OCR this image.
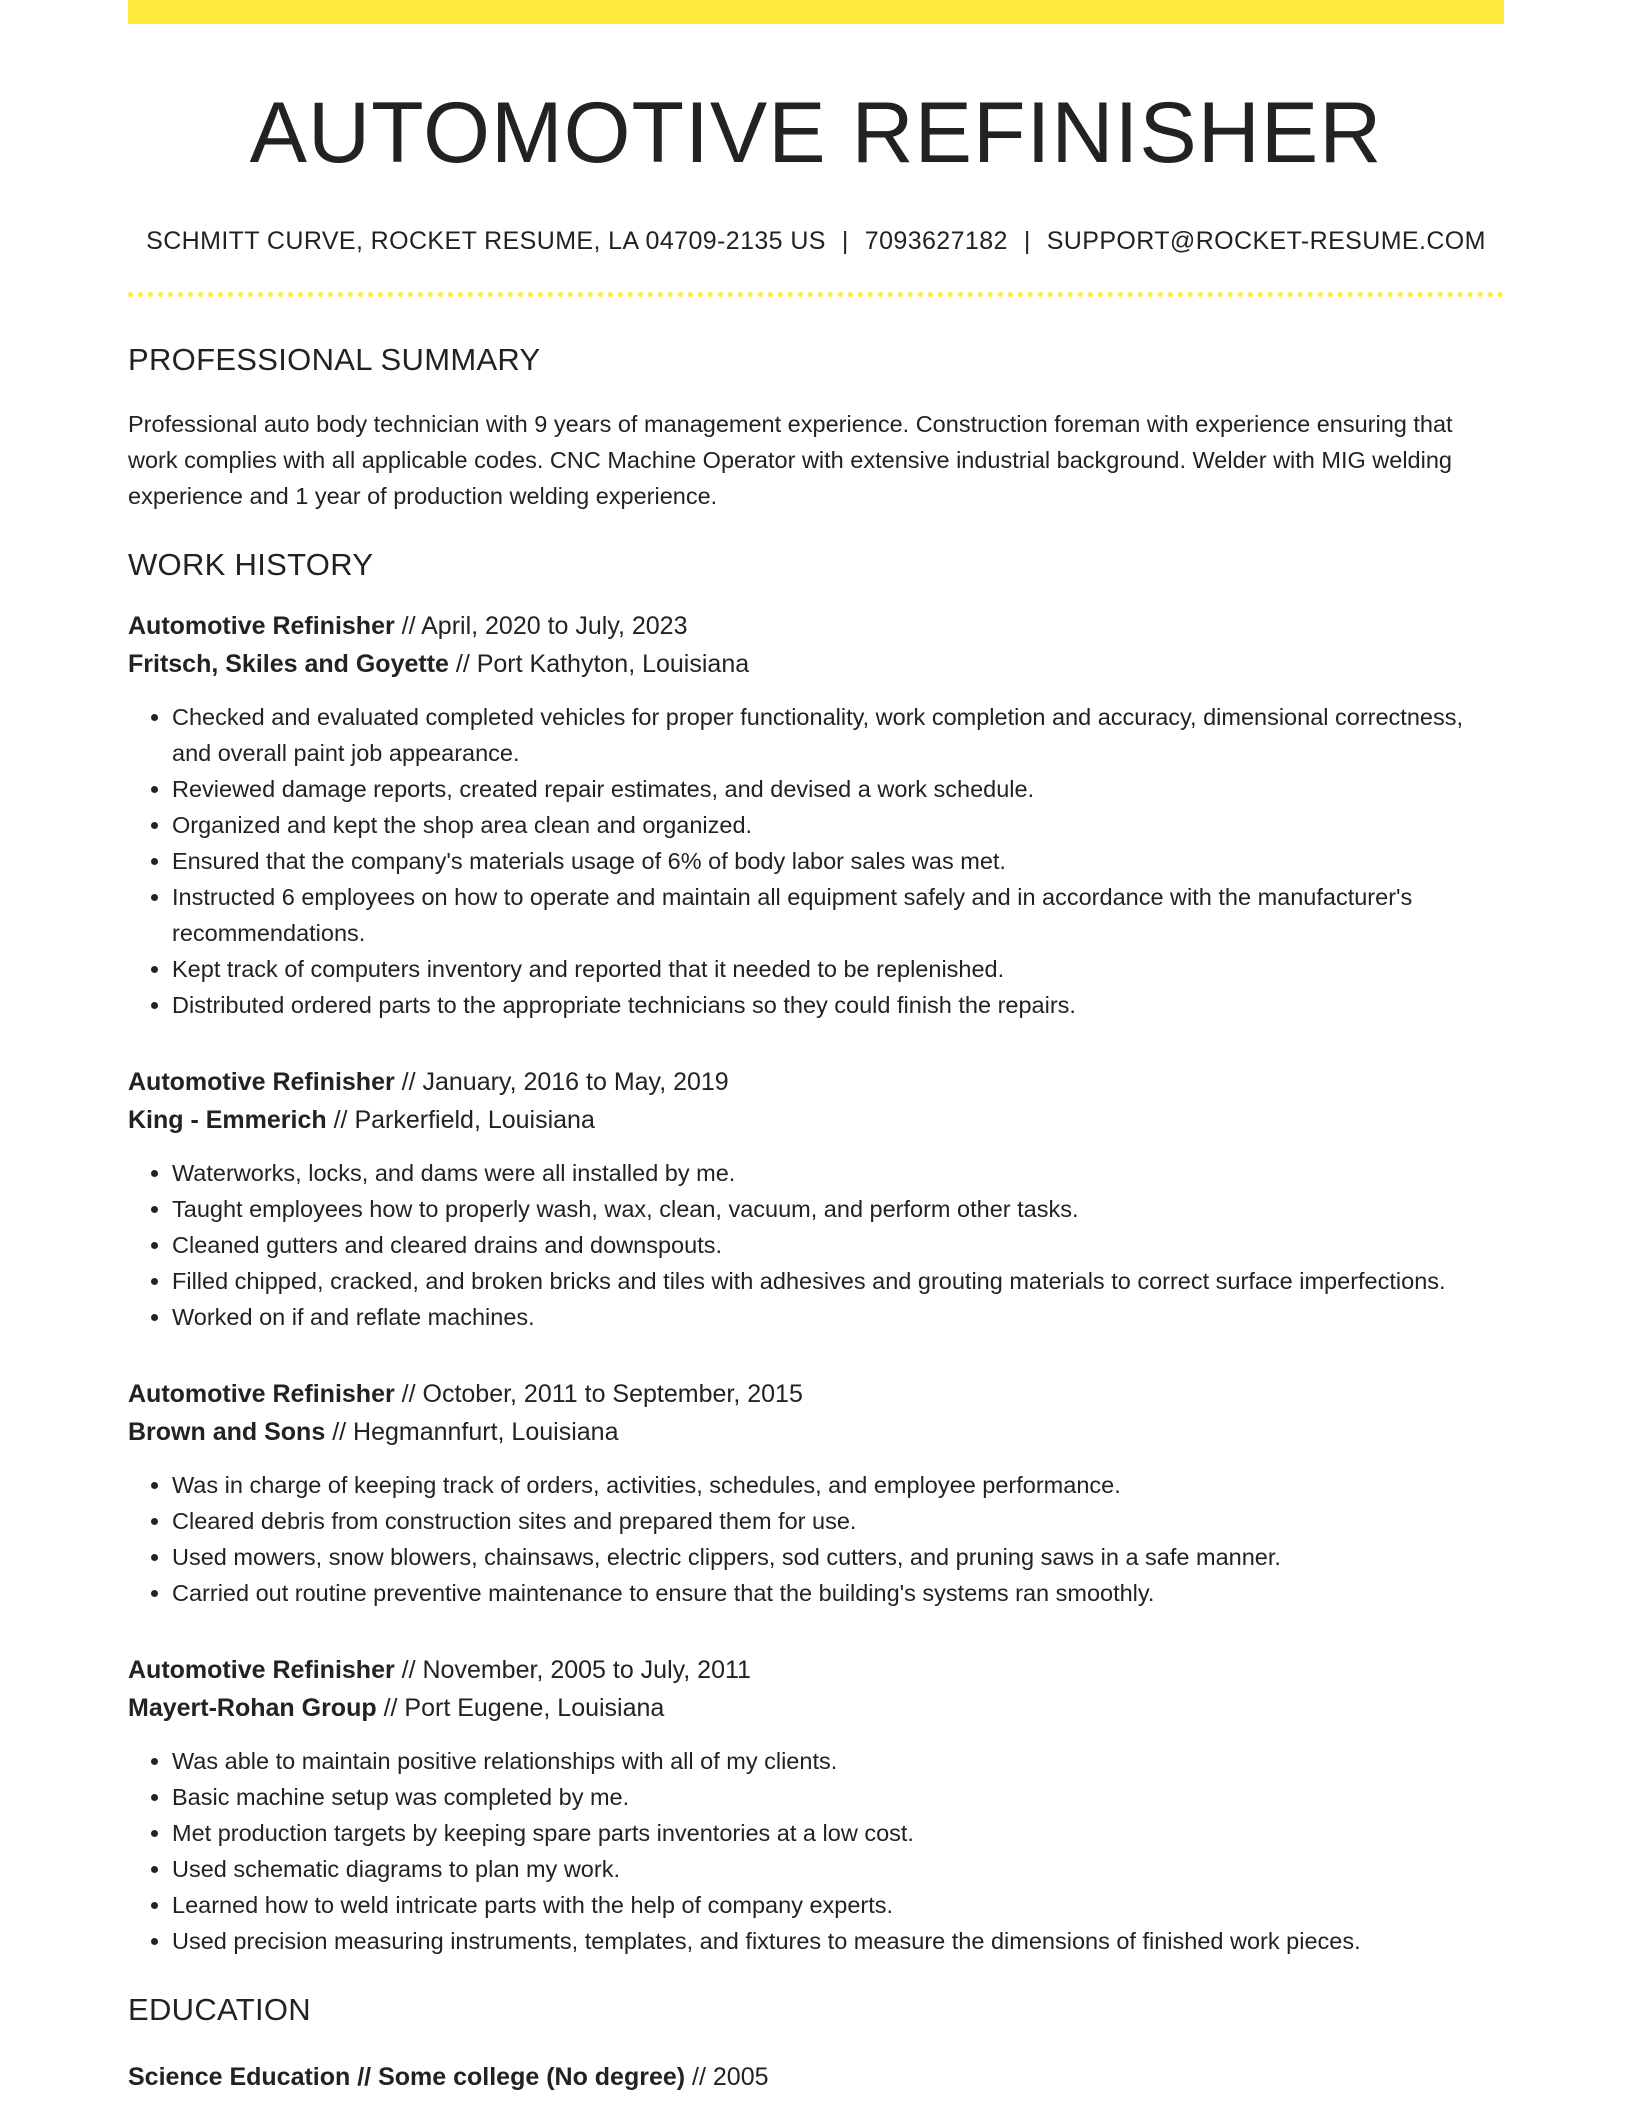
AUTOMOTIVE REFINISHER
SCHMITT CURVE, ROCKET RESUME, LA 04709-2135 US | 7093627182 | SUPPORT@ROCKET-RESUME.COM
PROFESSIONAL SUMMARY

Professional auto body technician with 9 years of management experience. Construction foreman with experience ensuring that work complies with all applicable codes. CNC Machine Operator with extensive industrial background. Welder with MIG welding experience and 1 year of production welding experience.

WORK HISTORY
Automotive Refinisher // April, 2020 to July, 2023
Fritsch, Skiles and Goyette // Port Kathyton, Louisiana
• Checked and evaluated completed vehicles for proper functionality, work completion and accuracy, dimensional correctness, and overall paint job appearance.
• Reviewed damage reports, created repair estimates, and devised a work schedule.
• Organized and kept the shop area clean and organized.
• Ensured that the company's materials usage of 6% of body labor sales was met.
• Instructed 6 employees on how to operate and maintain all equipment safely and in accordance with the manufacturer's recommendations.
• Kept track of computers inventory and reported that it needed to be replenished.
• Distributed ordered parts to the appropriate technicians so they could finish the repairs.
Automotive Refinisher // January, 2016 to May, 2019
King - Emmerich // Parkerfield, Louisiana
• Waterworks, locks, and dams were all installed by me.
• Taught employees how to properly wash, wax, clean, vacuum, and perform other tasks.
• Cleaned gutters and cleared drains and downspouts.
• Filled chipped, cracked, and broken bricks and tiles with adhesives and grouting materials to correct surface imperfections.
• Worked on if and reflate machines.
Automotive Refinisher // October, 2011 to September, 2015
Brown and Sons // Hegmannfurt, Louisiana
• Was in charge of keeping track of orders, activities, schedules, and employee performance.
• Cleared debris from construction sites and prepared them for use.
• Used mowers, snow blowers, chainsaws, electric clippers, sod cutters, and pruning saws in a safe manner.
• Carried out routine preventive maintenance to ensure that the building's systems ran smoothly.
Automotive Refinisher // November, 2005 to July, 2011
Mayert-Rohan Group // Port Eugene, Louisiana
• Was able to maintain positive relationships with all of my clients.
• Basic machine setup was completed by me.
• Met production targets by keeping spare parts inventories at a low cost.
• Used schematic diagrams to plan my work.
• Learned how to weld intricate parts with the help of company experts.
• Used precision measuring instruments, templates, and fixtures to measure the dimensions of finished work pieces.
EDUCATION
Science Education // Some college (No degree) // 2005
